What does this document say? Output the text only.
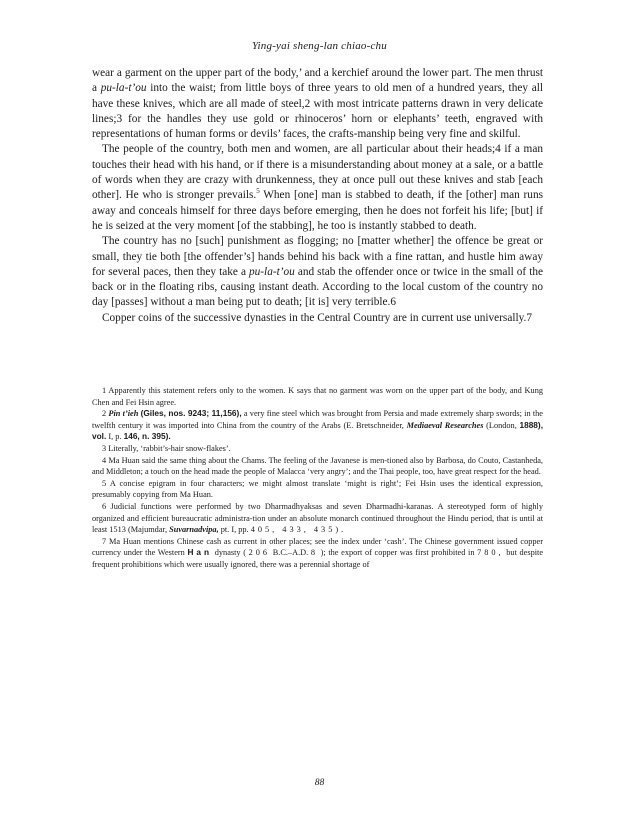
Ying-yai sheng-lan chiao-chu

wear a garment on the upper part of the body,’ and a kerchief around the lower part. The men thrust a pu-la-t’ou into the waist; from little boys of three years to old men of a hundred years, they all have these knives, which are all made of steel,2 with most intricate patterns drawn in very delicate lines;3 for the handles they use gold or rhinoceros’ horn or elephants’ teeth, engraved with representations of human forms or devils’ faces, the crafts-manship being very fine and skilful.

The people of the country, both men and women, are all particular about their heads;4 if a man touches their head with his hand, or if there is a misunderstanding about money at a sale, or a battle of words when they are crazy with drunkenness, they at once pull out these knives and stab [each other]. He who is stronger prevails.$^5$ When [one] man is stabbed to death, if the [other] man runs away and conceals himself for three days before emerging, then he does not forfeit his life; [but] if he is seized at the very moment [of the stabbing], he too is instantly stabbed to death.

The country has no [such] punishment as flogging; no [matter whether] the offence be great or small, they tie both [the offender’s] hands behind his back with a fine rattan, and hustle him away for several paces, then they take a pu-la-t’ou and stab the offender once or twice in the small of the back or in the floating ribs, causing instant death. According to the local custom of the country no day [passes] without a man being put to death; [it is] very terrible.6

Copper coins of the successive dynasties in the Central Country are in current use universally.7

1 Apparently this statement refers only to the women. K says that no garment was worn on the upper part of the body, and Kung Chen and Fei Hsin agree.

2 Pin t’ieh (Giles, nos. 9243; 11,156), a very fine steel which was brought from Persia and made extremely sharp swords; in the twelfth century it was imported into China from the country of the Arabs (E. Bretschneider, Mediaeval Researches (London, 1888), vol. I, p. 146, n. 395).

3 Literally, ‘rabbit’s-hair snow-flakes’.

4 Ma Huan said the same thing about the Chams. The feeling of the Javanese is men-tioned also by Barbosa, do Couto, Castanheda, and Middleton; a touch on the head made the people of Malacca ‘very angry’; and the Thai people, too, have great respect for the head.

5 A concise epigram in four characters; we might almost translate ‘might is right’; Fei Hsin uses the identical expression, presumably copying from Ma Huan.

6 Judicial functions were performed by two Dharmadhyaksas and seven Dharmadhi-karanas. A stereotyped form of highly organized and efficient bureaucratic administra-tion under an absolute monarch continued throughout the Hindu period, that is until at least 1513 (Majumdar, Suvarnadvipa, pt. I, pp. 405, 433, 435).

7 Ma Huan mentions Chinese cash as current in other places; see the index under ‘cash’. The Chinese government issued copper currency under the Western Han dynasty ( 206 B.C.–A.D. 8 ); the export of copper was first prohibited in 780, but despite frequent prohibitions which were usually ignored, there was a perennial shortage of

88
